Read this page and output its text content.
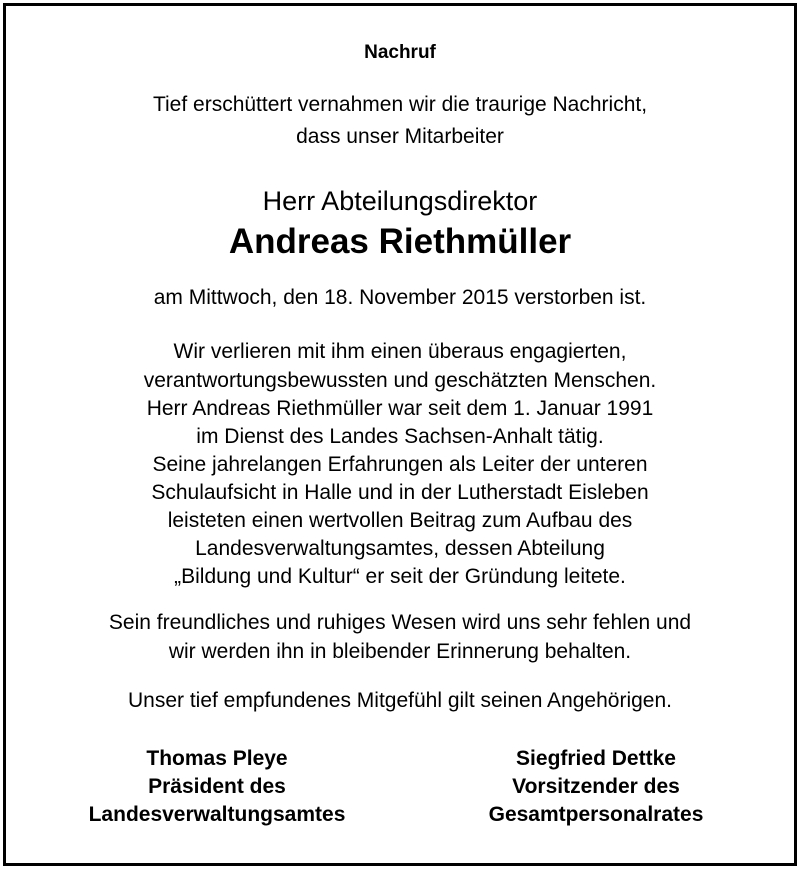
Nachruf
Tief erschüttert vernahmen wir die traurige Nachricht,
dass unser Mitarbeiter
Herr Abteilungsdirektor
Andreas Riethmüller
am Mittwoch, den 18. November 2015 verstorben ist.
Wir verlieren mit ihm einen überaus engagierten,
verantwortungsbewussten und geschätzten Menschen.
Herr Andreas Riethmüller war seit dem 1. Januar 1991
im Dienst des Landes Sachsen-Anhalt tätig.
Seine jahrelangen Erfahrungen als Leiter der unteren
Schulaufsicht in Halle und in der Lutherstadt Eisleben
leisteten einen wertvollen Beitrag zum Aufbau des
Landesverwaltungsamtes, dessen Abteilung
„Bildung und Kultur“ er seit der Gründung leitete.
Sein freundliches und ruhiges Wesen wird uns sehr fehlen und
wir werden ihn in bleibender Erinnerung behalten.
Unser tief empfundenes Mitgefühl gilt seinen Angehörigen.
Thomas Pleye
Präsident des
Landesverwaltungsamtes
Siegfried Dettke
Vorsitzender des
Gesamtpersonalrates
